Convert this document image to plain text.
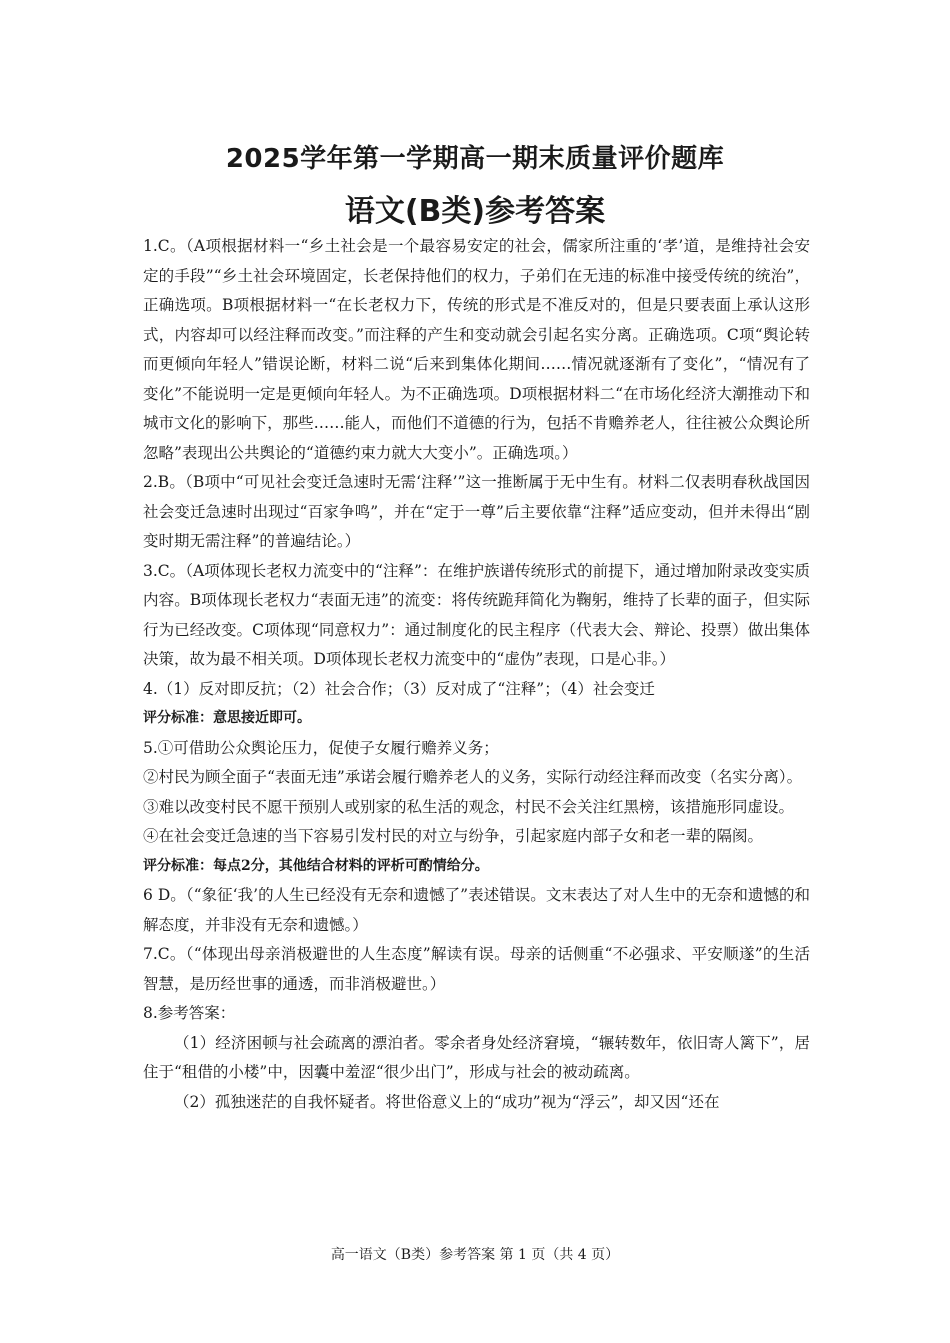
2025学年第一学期高一期末质量评价题库
语文(B类)参考答案

1.C。（A项根据材料一“乡土社会是一个最容易安定的社会，儒家所注重的‘孝’道，是维持社会安定的手段”“乡土社会环境固定，长老保持他们的权力，子弟们在无违的标准中接受传统的统治”，正确选项。B项根据材料一“在长老权力下，传统的形式是不准反对的，但是只要表面上承认这形式，内容却可以经注释而改变。”而注释的产生和变动就会引起名实分离。正确选项。C项“舆论转而更倾向年轻人”错误论断，材料二说“后来到集体化期间……情况就逐渐有了变化”，“情况有了变化”不能说明一定是更倾向年轻人。为不正确选项。D项根据材料二“在市场化经济大潮推动下和城市文化的影响下，那些……能人，而他们不道德的行为，包括不肯赡养老人，往往被公众舆论所忽略”表现出公共舆论的“道德约束力就大大变小”。正确选项。）

2.B。（B项中“可见社会变迁急速时无需‘注释’”这一推断属于无中生有。材料二仅表明春秋战国因社会变迁急速时出现过“百家争鸣”，并在“定于一尊”后主要依靠“注释”适应变动，但并未得出“剧变时期无需注释”的普遍结论。）

3.C。（A项体现长老权力流变中的“注释”：在维护族谱传统形式的前提下，通过增加附录改变实质内容。B项体现长老权力“表面无违”的流变：将传统跪拜简化为鞠躬，维持了长辈的面子，但实际行为已经改变。C项体现“同意权力”：通过制度化的民主程序（代表大会、辩论、投票）做出集体决策，故为最不相关项。D项体现长老权力流变中的“虚伪”表现，口是心非。）

4.（1）反对即反抗；（2）社会合作；（3）反对成了“注释”；（4）社会变迁

评分标准：意思接近即可。

5.①可借助公众舆论压力，促使子女履行赡养义务；

②村民为顾全面子“表面无违”承诺会履行赡养老人的义务，实际行动经注释而改变（名实分离）。

③难以改变村民不愿干预别人或别家的私生活的观念，村民不会关注红黑榜，该措施形同虚设。

④在社会变迁急速的当下容易引发村民的对立与纷争，引起家庭内部子女和老一辈的隔阂。

评分标准：每点2分，其他结合材料的评析可酌情给分。

6 D。（“象征‘我’的人生已经没有无奈和遗憾了”表述错误。文末表达了对人生中的无奈和遗憾的和解态度，并非没有无奈和遗憾。）

7.C。（“体现出母亲消极避世的人生态度”解读有误。母亲的话侧重“不必强求、平安顺遂”的生活智慧，是历经世事的通透，而非消极避世。）

8.参考答案：

（1）经济困顿与社会疏离的漂泊者。零余者身处经济窘境，“辗转数年，依旧寄人篱下”，居住于“租借的小楼”中，因囊中羞涩“很少出门”，形成与社会的被动疏离。

（2）孤独迷茫的自我怀疑者。将世俗意义上的“成功”视为“浮云”，却又因“还在

高一语文（B类）参考答案 第 1 页（共 4 页）
